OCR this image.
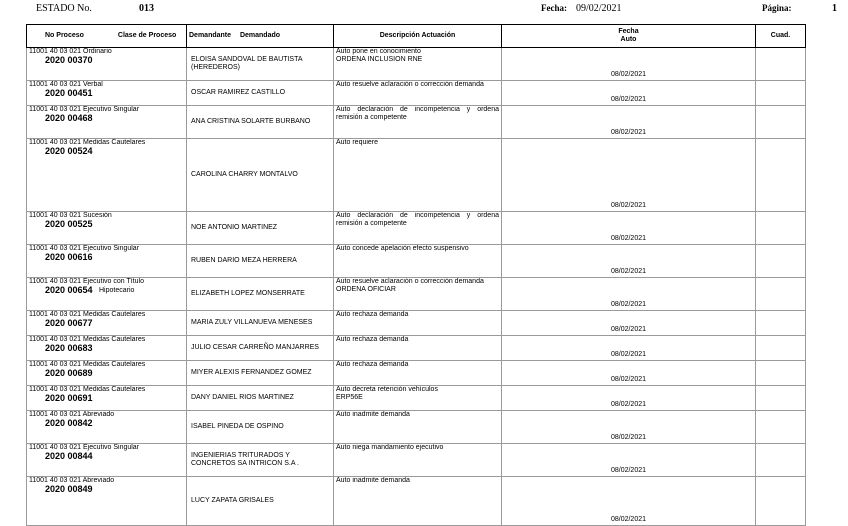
ESTADO No.	013	Fecha: 09/02/2021	Página:	1
No Proceso Clase de Proceso	Demandante	Demandado	Descripción Actuación	Fecha
Auto	Cuad.

11001 40 03 021 Ordinario
2020 00370		ELOISA SANDOVAL DE BAUTISTA (HEREDEROS)	Auto pone en conocimiento
ORDENA INCLUSION RNE	08/02/2021	

11001 40 03 021 Verbal
2020 00451		OSCAR RAMIREZ CASTILLO	Auto resuelve aclaración o corrección demanda	08/02/2021	

11001 40 03 021 Ejecutivo Singular
2020 00468		ANA CRISTINA SOLARTE BURBANO	Auto declaración de incompetencia y ordena remisión a competente	08/02/2021	

11001 40 03 021 Medidas Cautelares
2020 00524		CAROLINA CHARRY MONTALVO	Auto requiere	08/02/2021	

11001 40 03 021 Sucesión
2020 00525		NOE ANTONIO MARTINEZ	Auto declaración de incompetencia y ordena remisión a competente	08/02/2021	

11001 40 03 021 Ejecutivo Singular
2020 00616		RUBEN DARIO MEZA HERRERA	Auto concede apelación efecto suspensivo	08/02/2021	

11001 40 03 021 Ejecutivo con Título
2020 00654 Hipotecario		ELIZABETH LOPEZ MONSERRATE	Auto resuelve aclaración o corrección demanda
ORDENA OFICIAR	08/02/2021	

11001 40 03 021 Medidas Cautelares
2020 00677		MARIA ZULY VILLANUEVA MENESES	Auto rechaza demanda	08/02/2021	

11001 40 03 021 Medidas Cautelares
2020 00683		JULIO CESAR CARREÑO MANJARRES	Auto rechaza demanda	08/02/2021	

11001 40 03 021 Medidas Cautelares
2020 00689		MIYER ALEXIS FERNANDEZ GOMEZ	Auto rechaza demanda	08/02/2021	

11001 40 03 021 Medidas Cautelares
2020 00691		DANY DANIEL RIOS MARTINEZ	Auto decreta retención vehículos
ERP56E	08/02/2021	

11001 40 03 021 Abreviado
2020 00842		ISABEL PINEDA DE OSPINO	Auto inadmite demanda	08/02/2021	

11001 40 03 021 Ejecutivo Singular
2020 00844		INGENIERIAS TRITURADOS Y CONCRETOS SA INTRICON S.A .	Auto niega mandamiento ejecutivo	08/02/2021	

11001 40 03 021 Abreviado
2020 00849		LUCY ZAPATA GRISALES	Auto inadmite demanda	08/02/2021	
